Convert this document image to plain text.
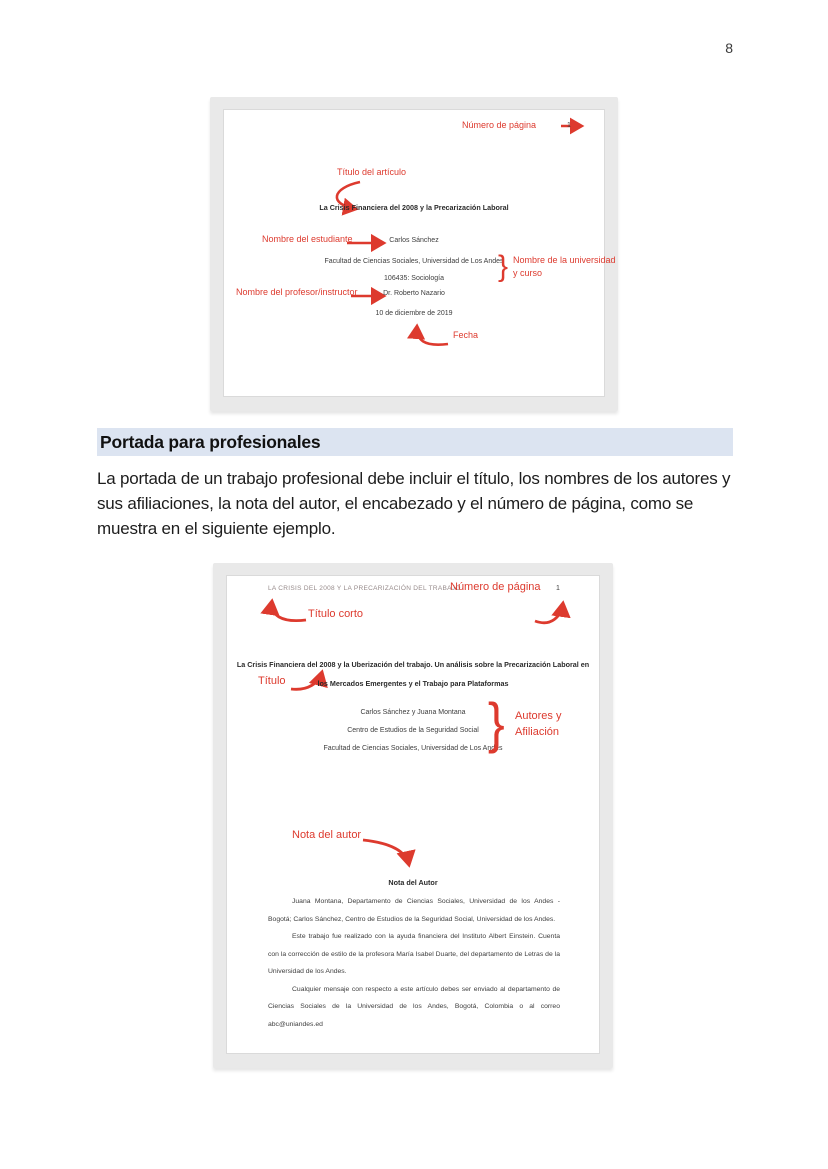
8
Número de página	1
Título del artículo
La Crisis Financiera del 2008 y la Precarización Laboral
Nombre del estudiante	Carlos Sánchez
Facultad de Ciencias Sociales, Universidad de Los Andes
106435: Sociología	} Nombre de la universidad
y curso
Nombre del profesor/instructor	Dr. Roberto Nazario
10 de diciembre de 2019
Fecha
Portada para profesionales

La portada de un trabajo profesional debe incluir el título, los nombres de los autores y sus afiliaciones, la nota del autor, el encabezado y el número de página, como se muestra en el siguiente ejemplo.

LA CRISIS DEL 2008 Y LA PRECARIZACIÓN DEL TRABAJO
Número de página 1
Título corto
La Crisis Financiera del 2008 y la Uberización del trabajo. Un análisis sobre la Precarización Laboral en
los Mercados Emergentes y el Trabajo para Plataformas
Título
Carlos Sánchez y Juana Montana
Centro de Estudios de la Seguridad Social
Facultad de Ciencias Sociales, Universidad de Los Andes
} Autores y
Afiliación
Nota del autor
Nota del Autor

Juana Montana, Departamento de Ciencias Sociales, Universidad de los Andes - Bogotá; Carlos Sánchez, Centro de Estudios de la Seguridad Social, Universidad de los Andes.

Este trabajo fue realizado con la ayuda financiera del Instituto Albert Einstein. Cuenta con la corrección de estilo de la profesora María Isabel Duarte, del departamento de Letras de la Universidad de los Andes.

Cualquier mensaje con respecto a este artículo debes ser enviado al departamento de Ciencias Sociales de la Universidad de los Andes, Bogotá, Colombia o al correo abc@uniandes.ed
